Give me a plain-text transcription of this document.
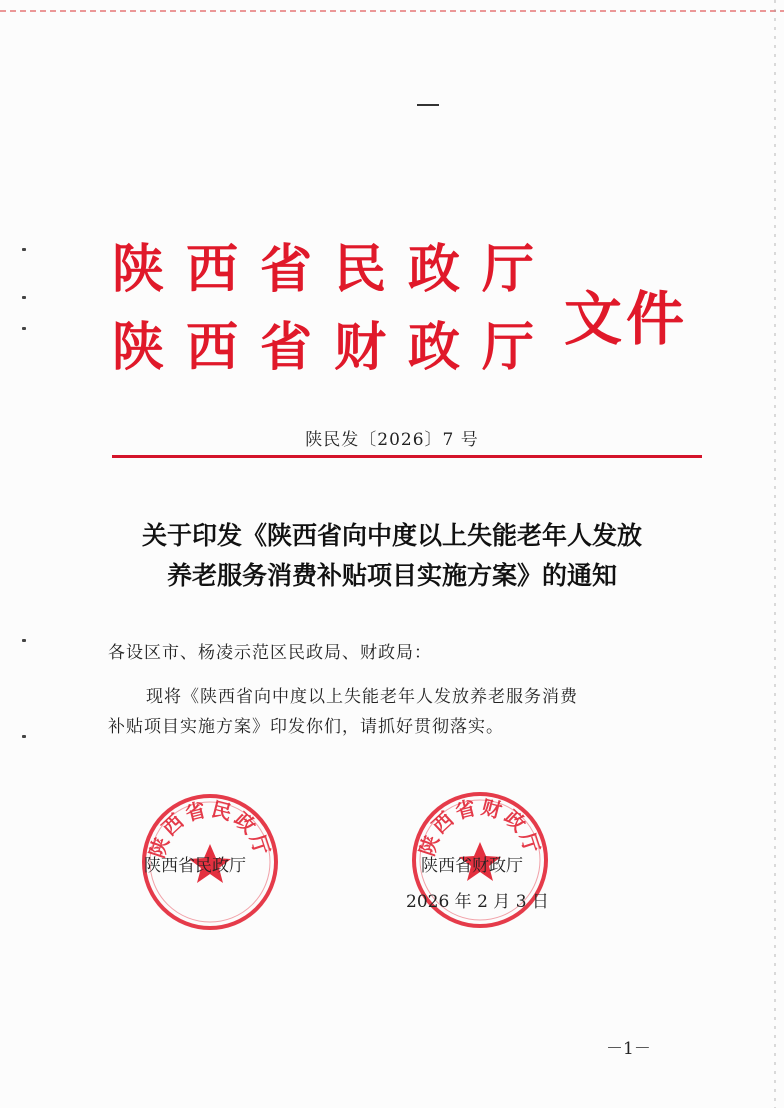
陕西省民政厅
陕西省财政厅 文件
陕民发〔2026〕7 号
关于印发《陕西省向中度以上失能老年人发放
养老服务消费补贴项目实施方案》的通知
各设区市、杨凌示范区民政局、财政局：
现将《陕西省向中度以上失能老年人发放养老服务消费
补贴项目实施方案》印发你们，请抓好贯彻落实。
陕西省民政厅	陕西省财政厅
陕西省民政厅	陕西省财政厅
2026 年 2 月 3 日
－1－
